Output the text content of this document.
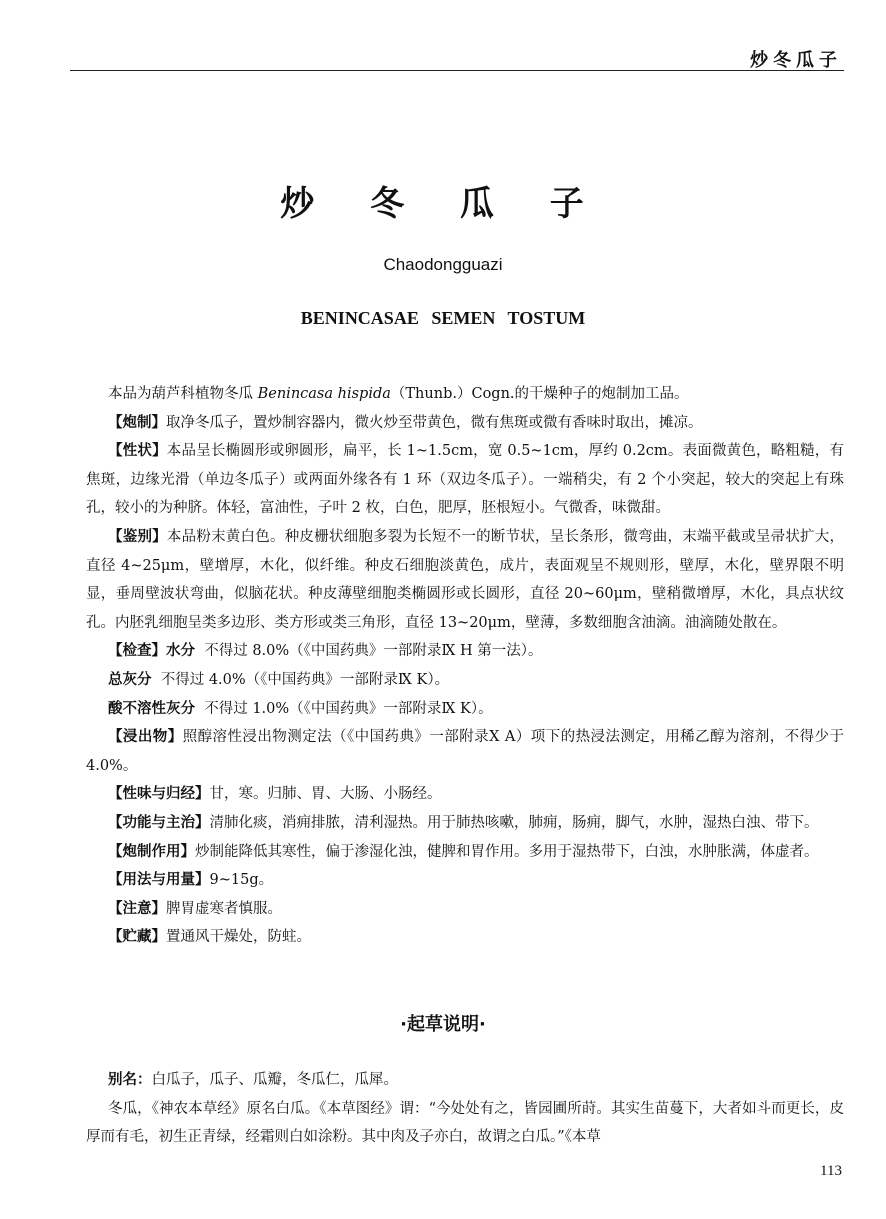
炒冬瓜子
炒 冬 瓜 子
Chaodongguazi
BENINCASAE SEMEN TOSTUM

本品为葫芦科植物冬瓜 Benincasa hispida（Thunb.）Cogn.的干燥种子的炮制加工品。

【炮制】取净冬瓜子，置炒制容器内，微火炒至带黄色，微有焦斑或微有香味时取出，摊凉。

【性状】本品呈长椭圆形或卵圆形，扁平，长 1~1.5cm，宽 0.5~1cm，厚约 0.2cm。表面微黄色，略粗糙，有焦斑，边缘光滑（单边冬瓜子）或两面外缘各有 1 环（双边冬瓜子）。一端稍尖，有 2 个小突起，较大的突起上有珠孔，较小的为种脐。体轻，富油性，子叶 2 枚，白色，肥厚，胚根短小。气微香，味微甜。

【鉴别】本品粉末黄白色。种皮栅状细胞多裂为长短不一的断节状，呈长条形，微弯曲，末端平截或呈帚状扩大，直径 4~25μm，壁增厚，木化，似纤维。种皮石细胞淡黄色，成片，表面观呈不规则形，壁厚，木化，壁界限不明显，垂周壁波状弯曲，似脑花状。种皮薄壁细胞类椭圆形或长圆形，直径 20~60μm，壁稍微增厚，木化，具点状纹孔。内胚乳细胞呈类多边形、类方形或类三角形，直径 13~20μm，壁薄，多数细胞含油滴。油滴随处散在。

【检查】水分 不得过 8.0%（《中国药典》一部附录Ⅸ H 第一法）。

总灰分 不得过 4.0%（《中国药典》一部附录Ⅸ K）。

酸不溶性灰分 不得过 1.0%（《中国药典》一部附录Ⅸ K）。

【浸出物】照醇溶性浸出物测定法（《中国药典》一部附录Ⅹ A）项下的热浸法测定，用稀乙醇为溶剂，不得少于 4.0%。

【性味与归经】甘，寒。归肺、胃、大肠、小肠经。

【功能与主治】清肺化痰，消痈排脓，清利湿热。用于肺热咳嗽，肺痈，肠痈，脚气，水肿，湿热白浊、带下。

【炮制作用】炒制能降低其寒性，偏于渗湿化浊，健脾和胃作用。多用于湿热带下，白浊，水肿胀满，体虚者。

【用法与用量】9~15g。

【注意】脾胃虚寒者慎服。

【贮藏】置通风干燥处，防蛀。

·起草说明·

别名：白瓜子，瓜子、瓜瓣，冬瓜仁，瓜犀。

冬瓜，《神农本草经》原名白瓜。《本草图经》谓：“今处处有之，皆园圃所莳。其实生苗蔓下，大者如斗而更长，皮厚而有毛，初生正青绿，经霜则白如涂粉。其中肉及子亦白，故谓之白瓜。”《本草

113
